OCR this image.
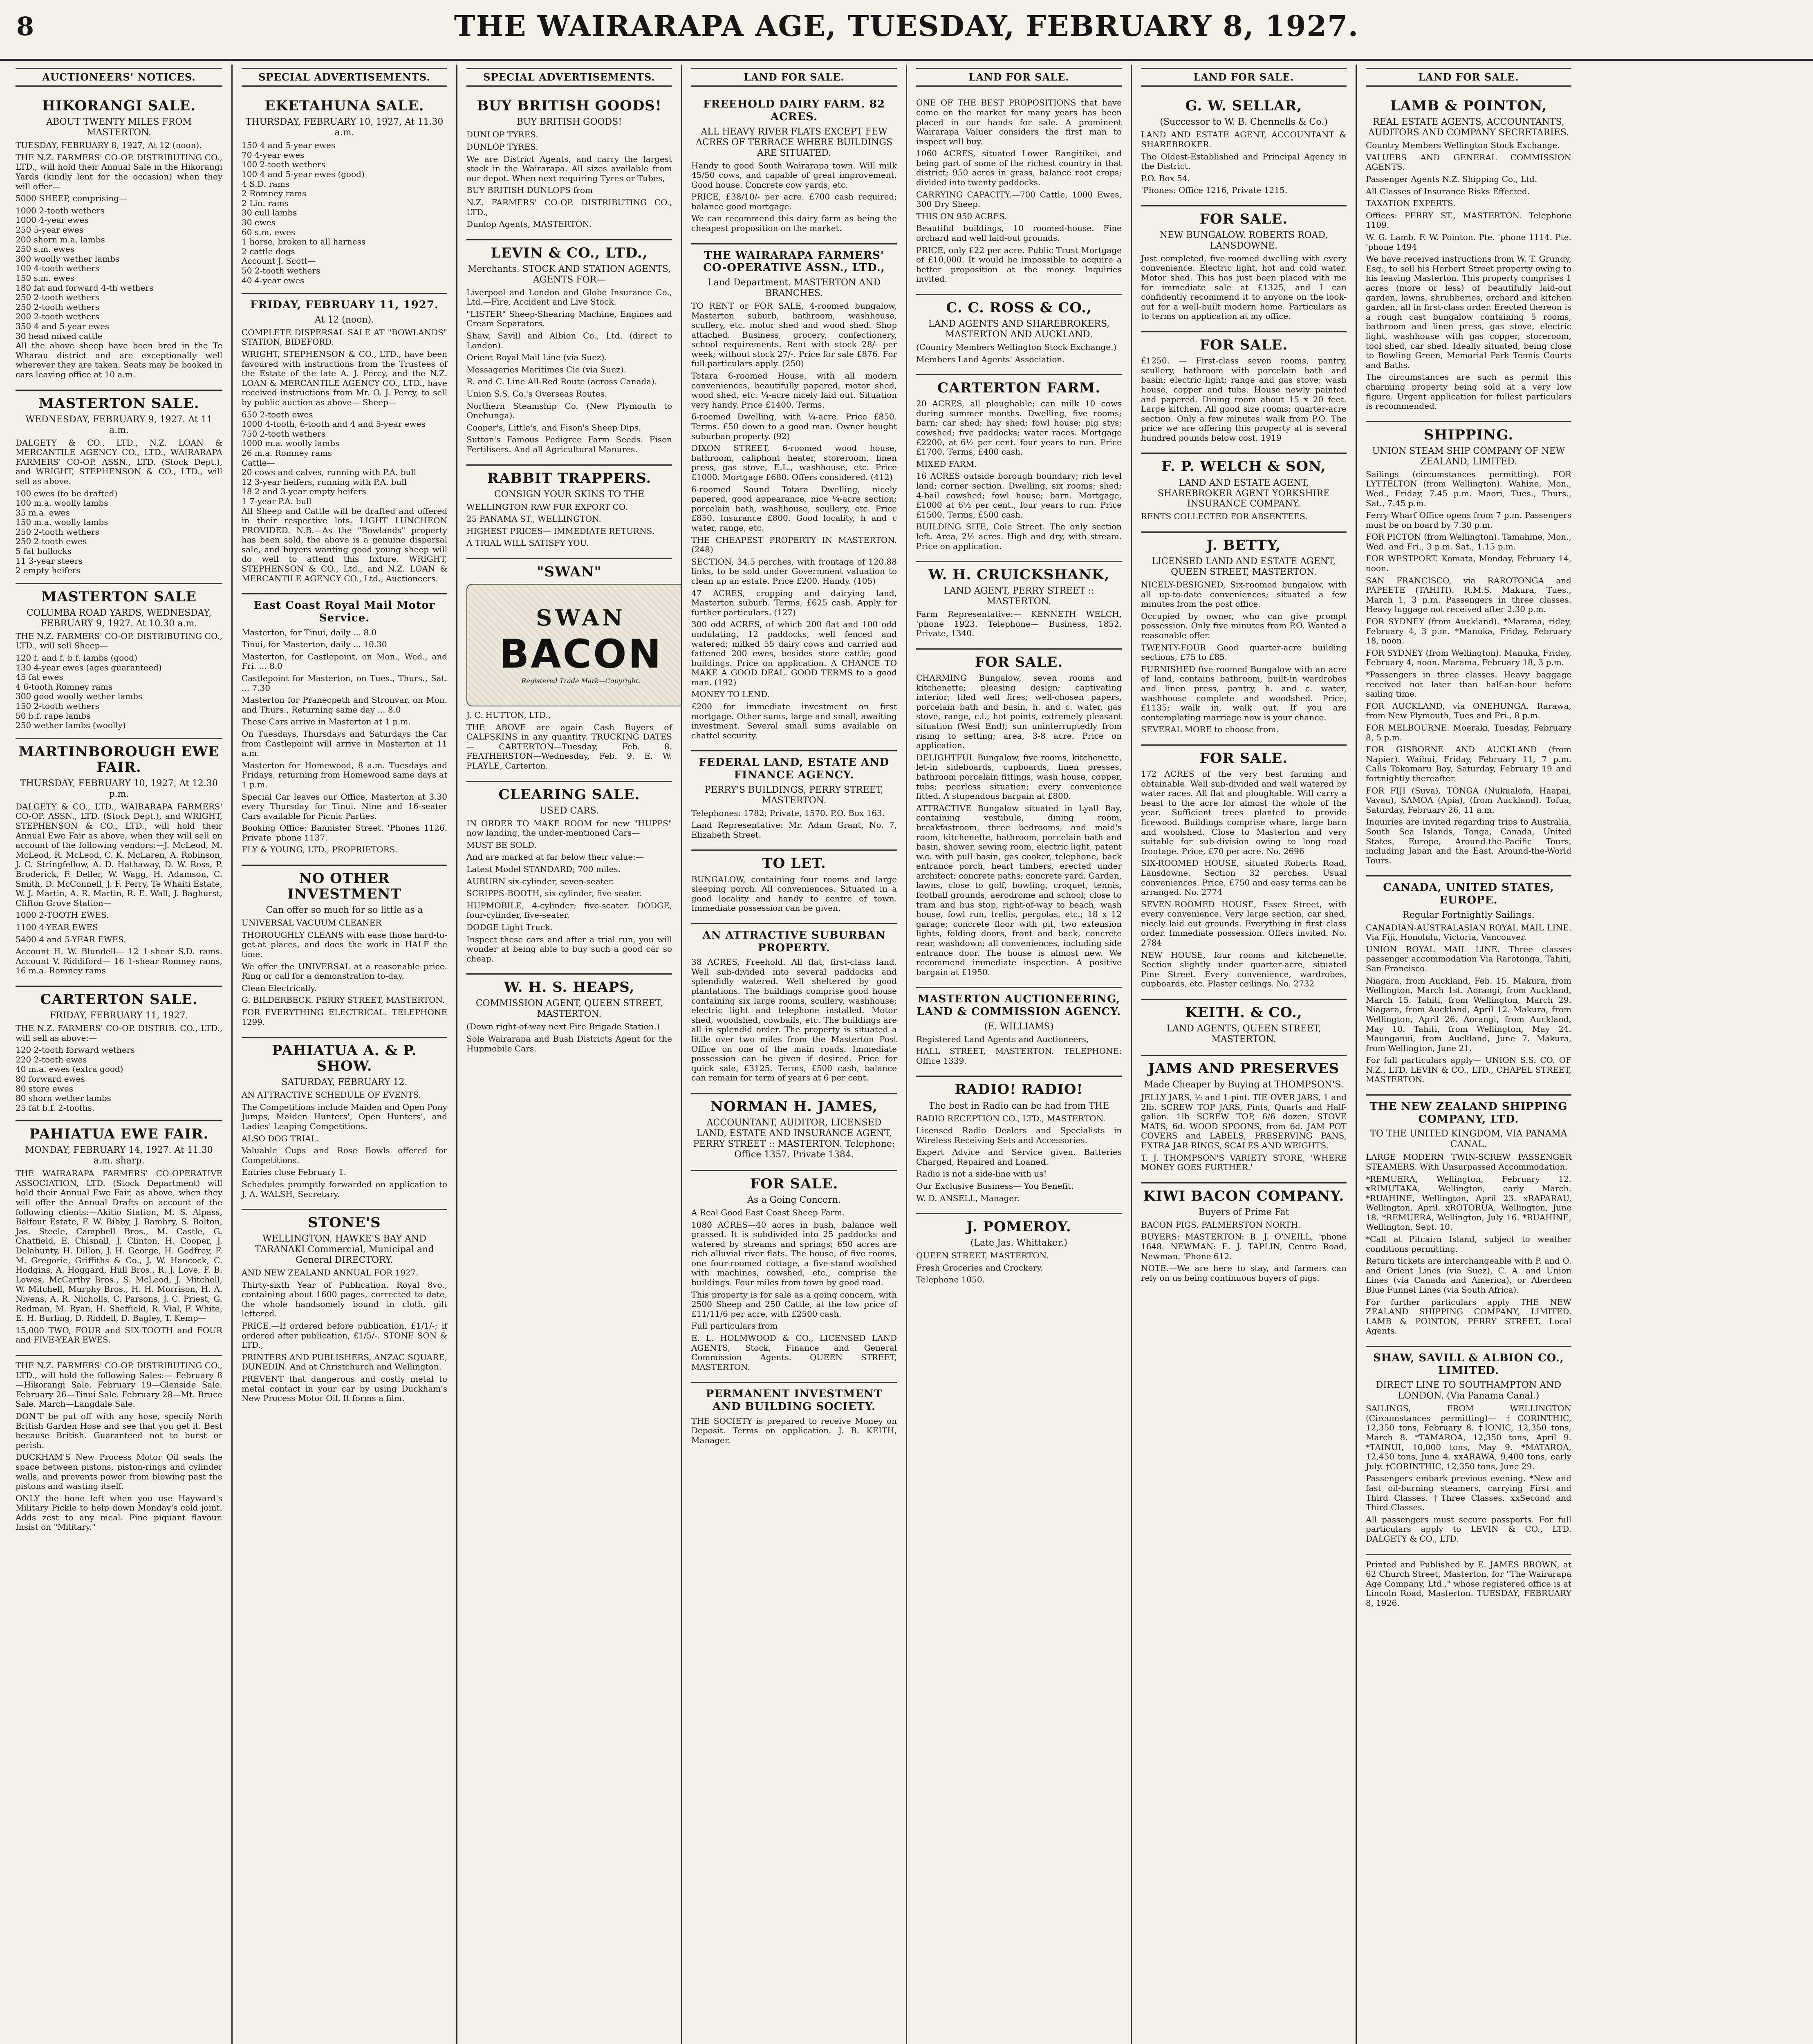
8	THE WAIRARAPA AGE, TUESDAY, FEBRUARY 8, 1927.
AUCTIONEERS' NOTICES.
HIKORANGI SALE.
ABOUT TWENTY MILES FROM MASTERTON.

TUESDAY, FEBRUARY 8, 1927, At 12 (noon).

THE N.Z. FARMERS' CO-OP. DISTRIBUTING CO., LTD., will hold their Annual Sale in the Hikorangi Yards (kindly lent for the occasion) when they will offer—

5000 SHEEP, comprising—

1000 2-tooth wethers
1000 4-year ewes
250 5-year ewes
200 shorn m.a. lambs
250 s.m. ewes
300 woolly wether lambs
100 4-tooth wethers
150 s.m. ewes
180 fat and forward 4-th wethers
250 2-tooth wethers
250 2-tooth wethers
200 2-tooth wethers
350 4 and 5-year ewes
30 head mixed cattle

All the above sheep have been bred in the Te Wharau district and are exceptionally well wherever they are taken. Seats may be booked in cars leaving office at 10 a.m.

MASTERTON SALE.
WEDNESDAY, FEBRUARY 9, 1927. At 11 a.m.

DALGETY & CO., LTD., N.Z. LOAN & MERCANTILE AGENCY CO., LTD., WAIRARAPA FARMERS' CO-OP. ASSN., LTD. (Stock Dept.), and WRIGHT, STEPHENSON & CO., LTD., will sell as above.

100 ewes (to be drafted)
100 m.a. woolly lambs
35 m.a. ewes
150 m.a. woolly lambs
250 2-tooth wethers
250 2-tooth ewes
5 fat bullocks
11 3-year steers
2 empty heifers
MASTERTON SALE
COLUMBA ROAD YARDS, WEDNESDAY, FEBRUARY 9, 1927. At 10.30 a.m.

THE N.Z. FARMERS' CO-OP. DISTRIBUTING CO., LTD., will sell Sheep—

120 f. and f. b.f. lambs (good)
130 4-year ewes (ages guaranteed)
45 fat ewes
4 6-tooth Romney rams
300 good woolly wether lambs
150 2-tooth wethers
50 b.f. rape lambs
250 wether lambs (woolly)
MARTINBOROUGH EWE FAIR.
THURSDAY, FEBRUARY 10, 1927, At 12.30 p.m.

DALGETY & CO., LTD., WAIRARAPA FARMERS' CO-OP. ASSN., LTD. (Stock Dept.), and WRIGHT, STEPHENSON & CO., LTD., will hold their Annual Ewe Fair as above, when they will sell on account of the following vendors:—J. McLeod, M. McLeod, R. McLeod, C. K. McLaren, A. Robinson, J. C. Stringfellow, A. D. Hathaway, D. W. Ross, P. Broderick, F. Deller, W. Wagg, H. Adamson, C. Smith, D. McConnell, J. F. Perry, Te Whaiti Estate, W. J. Martin, A. R. Martin, R. E. Wall, J. Baghurst, Clifton Grove Station—

1000 2-TOOTH EWES.

1100 4-YEAR EWES

5400 4 and 5-YEAR EWES.

Account H. W. Blundell— 12 1-shear S.D. rams. Account V. Riddiford— 16 1-shear Romney rams, 16 m.a. Romney rams

CARTERTON SALE.
FRIDAY, FEBRUARY 11, 1927.

THE N.Z. FARMERS' CO-OP. DISTRIB. CO., LTD., will sell as above:—

120 2-tooth forward wethers
220 2-tooth ewes
40 m.a. ewes (extra good)
80 forward ewes
80 store ewes
80 shorn wether lambs
25 fat b.f. 2-tooths.
PAHIATUA EWE FAIR.
MONDAY, FEBRUARY 14, 1927. At 11.30 a.m. sharp.

THE WAIRARAPA FARMERS' CO-OPERATIVE ASSOCIATION, LTD. (Stock Department) will hold their Annual Ewe Fair, as above, when they will offer the Annual Drafts on account of the following clients:—Akitio Station, M. S. Alpass, Balfour Estate, F. W. Bibby, J. Bambry, S. Bolton, Jas. Steele, Campbell Bros., M. Castle, G. Chatfield, E. Chisnall, J. Clinton, H. Cooper, J. Delahunty, H. Dillon, J. H. George, H. Godfrey, F. M. Gregorie, Griffiths & Co., J. W. Hancock, C. Hodgins, A. Hoggard, Hull Bros., R. J. Love, F. B. Lowes, McCarthy Bros., S. McLeod, J. Mitchell, W. Mitchell, Murphy Bros., H. H. Morrison, H. A. Nivens, A. R. Nicholls, C. Parsons, J. C. Priest, G. Redman, M. Ryan, H. Sheffield, R. Vial, F. White, E. H. Burling, D. Riddell, D. Bagley, T. Kemp—

15,000 TWO, FOUR and SIX-TOOTH and FOUR and FIVE-YEAR EWES.

THE N.Z. FARMERS' CO-OP. DISTRIBUTING CO., LTD., will hold the following Sales:— February 8—Hikorangi Sale. February 19—Glenside Sale. February 26—Tinui Sale. February 28—Mt. Bruce Sale. March—Langdale Sale.

DON'T be put off with any hose, specify North British Garden Hose and see that you get it. Best because British. Guaranteed not to burst or perish.

DUCKHAM'S New Process Motor Oil seals the space between pistons, piston-rings and cylinder walls, and prevents power from blowing past the pistons and wasting itself.

ONLY the bone left when you use Hayward's Military Pickle to help down Monday's cold joint. Adds zest to any meal. Fine piquant flavour. Insist on "Military."

SPECIAL ADVERTISEMENTS.
EKETAHUNA SALE.
THURSDAY, FEBRUARY 10, 1927, At 11.30 a.m.
150 4 and 5-year ewes
70 4-year ewes
100 2-tooth wethers
100 4 and 5-year ewes (good)
4 S.D. rams
2 Romney rams
2 Lin. rams
30 cull lambs
30 ewes
60 s.m. ewes
1 horse, broken to all harness
2 cattle dogs
Account J. Scott—
50 2-tooth wethers
40 4-year ewes
FRIDAY, FEBRUARY 11, 1927.
At 12 (noon).

COMPLETE DISPERSAL SALE AT "BOWLANDS" STATION, BIDEFORD.

WRIGHT, STEPHENSON & CO., LTD., have been favoured with instructions from the Trustees of the Estate of the late A. J. Percy, and the N.Z. LOAN & MERCANTILE AGENCY CO., LTD., have received instructions from Mr. O. J. Percy, to sell by public auction as above— Sheep—

650 2-tooth ewes
1000 4-tooth, 6-tooth and 4 and 5-year ewes
750 2-tooth wethers
1000 m.a. woolly lambs
26 m.a. Romney rams
Cattle—
20 cows and calves, running with P.A. bull
12 3-year heifers, running with P.A. bull
18 2 and 3-year empty heifers
1 7-year P.A. bull

All Sheep and Cattle will be drafted and offered in their respective lots. LIGHT LUNCHEON PROVIDED. N.B.—As the "Bowlands" property has been sold, the above is a genuine dispersal sale, and buyers wanting good young sheep will do well to attend this fixture. WRIGHT, STEPHENSON & CO., Ltd., and N.Z. LOAN & MERCANTILE AGENCY CO., Ltd., Auctioneers.

East Coast Royal Mail Motor Service.

Masterton, for Tinui, daily ... 8.0

Tinui, for Masterton, daily ... 10.30

Masterton, for Castlepoint, on Mon., Wed., and Fri. ... 8.0

Castlepoint for Masterton, on Tues., Thurs., Sat. ... 7.30

Masterton for Pranecpeth and Stronvar, on Mon. and Thurs., Returning same day ... 8.0

These Cars arrive in Masterton at 1 p.m.

On Tuesdays, Thursdays and Saturdays the Car from Castlepoint will arrive in Masterton at 11 a.m.

Masterton for Homewood, 8 a.m. Tuesdays and Fridays, returning from Homewood same days at 1 p.m.

Special Car leaves our Office, Masterton at 3.30 every Thursday for Tinui. Nine and 16-seater Cars available for Picnic Parties.

Booking Office: Bannister Street. 'Phones 1126. Private 'phone 1137.

FLY & YOUNG, LTD., PROPRIETORS.

NO OTHER INVESTMENT
Can offer so much for so little as a

UNIVERSAL VACUUM CLEANER

THOROUGHLY CLEANS with ease those hard-to-get-at places, and does the work in HALF the time.

We offer the UNIVERSAL at a reasonable price. Ring or call for a demonstration to-day.

Clean Electrically.

G. BILDERBECK. PERRY STREET, MASTERTON.

FOR EVERYTHING ELECTRICAL. TELEPHONE 1299.

PAHIATUA A. & P. SHOW.
SATURDAY, FEBRUARY 12.

AN ATTRACTIVE SCHEDULE OF EVENTS.

The Competitions include Maiden and Open Pony Jumps, Maiden Hunters', Open Hunters', and Ladies' Leaping Competitions.

ALSO DOG TRIAL.

Valuable Cups and Rose Bowls offered for Competitions.

Entries close February 1.

Schedules promptly forwarded on application to J. A. WALSH, Secretary.

STONE'S
WELLINGTON, HAWKE'S BAY AND TARANAKI Commercial, Municipal and General DIRECTORY.

AND NEW ZEALAND ANNUAL FOR 1927.

Thirty-sixth Year of Publication. Royal 8vo., containing about 1600 pages, corrected to date, the whole handsomely bound in cloth, gilt lettered.

PRICE.—If ordered before publication, £1/1/-; if ordered after publication, £1/5/-. STONE SON & LTD.,

PRINTERS AND PUBLISHERS, ANZAC SQUARE, DUNEDIN. And at Christchurch and Wellington.

PREVENT that dangerous and costly metal to metal contact in your car by using Duckham's New Process Motor Oil. It forms a film.

SPECIAL ADVERTISEMENTS.
BUY BRITISH GOODS!
BUY BRITISH GOODS!

DUNLOP TYRES.

DUNLOP TYRES.

We are District Agents, and carry the largest stock in the Wairarapa. All sizes available from our depot. When next requiring Tyres or Tubes,

BUY BRITISH DUNLOPS from

N.Z. FARMERS' CO-OP. DISTRIBUTING CO., LTD.,

Dunlop Agents, MASTERTON.

LEVIN & CO., LTD.,
Merchants. STOCK AND STATION AGENTS, AGENTS FOR—

Liverpool and London and Globe Insurance Co., Ltd.—Fire, Accident and Live Stock.

"LISTER" Sheep-Shearing Machine, Engines and Cream Separators.

Shaw, Savill and Albion Co., Ltd. (direct to London).

Orient Royal Mail Line (via Suez).

Messageries Maritimes Cie (via Suez).

R. and C. Line All-Red Route (across Canada).

Union S.S. Co.'s Overseas Routes.

Northern Steamship Co. (New Plymouth to Onehunga).

Cooper's, Little's, and Fison's Sheep Dips.

Sutton's Famous Pedigree Farm Seeds. Fison Fertilisers. And all Agricultural Manures.

RABBIT TRAPPERS.
CONSIGN YOUR SKINS TO THE

WELLINGTON RAW FUR EXPORT CO.

25 PANAMA ST., WELLINGTON.

HIGHEST PRICES— IMMEDIATE RETURNS.

A TRIAL WILL SATISFY YOU.

"SWAN"
SWAN
BACON
Registered Trade Mark—Copyright.

J. C. HUTTON, LTD.,

THE ABOVE are again Cash Buyers of CALFSKINS in any quantity. TRUCKING DATES— CARTERTON—Tuesday, Feb. 8. FEATHERSTON—Wednesday, Feb. 9. E. W. PLAYLE, Carterton.

CLEARING SALE.
USED CARS.

IN ORDER TO MAKE ROOM for new "HUPPS" now landing, the under-mentioned Cars—

MUST BE SOLD.

And are marked at far below their value:—

Latest Model STANDARD; 700 miles.

AUBURN six-cylinder, seven-seater.

SCRIPPS-BOOTH, six-cylinder, five-seater.

HUPMOBILE, 4-cylinder; five-seater. DODGE, four-cylinder, five-seater.

DODGE Light Truck.

Inspect these cars and after a trial run, you will wonder at being able to buy such a good car so cheap.

W. H. S. HEAPS,
COMMISSION AGENT, QUEEN STREET, MASTERTON.

(Down right-of-way next Fire Brigade Station.)

Sole Wairarapa and Bush Districts Agent for the Hupmobile Cars.

LAND FOR SALE.
FREEHOLD DAIRY FARM. 82 ACRES.
ALL HEAVY RIVER FLATS EXCEPT FEW ACRES OF TERRACE WHERE BUILDINGS ARE SITUATED.

Handy to good South Wairarapa town. Will milk 45/50 cows, and capable of great improvement. Good house. Concrete cow yards, etc.

PRICE, £38/10/- per acre. £700 cash required; balance good mortgage.

We can recommend this dairy farm as being the cheapest proposition on the market.

THE WAIRARAPA FARMERS' CO-OPERATIVE ASSN., LTD.,
Land Department. MASTERTON AND BRANCHES.

TO RENT or FOR SALE, 4-roomed bungalow, Masterton suburb, bathroom, washhouse, scullery, etc. motor shed and wood shed. Shop attached. Business, grocery, confectionery, school requirements. Rent with stock 28/- per week; without stock 27/-. Price for sale £876. For full particulars apply. (250)

Totara 6-roomed House, with all modern conveniences, beautifully papered, motor shed, wood shed, etc. ¼-acre nicely laid out. Situation very handy. Price £1400. Terms.

6-roomed Dwelling, with ¼-acre. Price £850. Terms. £50 down to a good man. Owner bought suburban property. (92)

DIXON STREET, 6-roomed wood house, bathroom, caliphont heater, storeroom, linen press, gas stove, E.L., washhouse, etc. Price £1000. Mortgage £680. Offers considered. (412)

6-roomed Sound Totara Dwelling, nicely papered, good appearance, nice ¼-acre section; porcelain bath, washhouse, scullery, etc. Price £850. Insurance £800. Good locality, h and c water, range, etc.

THE CHEAPEST PROPERTY IN MASTERTON. (248)

SECTION, 34.5 perches, with frontage of 120.88 links, to be sold under Government valuation to clean up an estate. Price £200. Handy. (105)

47 ACRES, cropping and dairying land, Masterton suburb. Terms, £625 cash. Apply for further particulars. (127)

300 odd ACRES, of which 200 flat and 100 odd undulating, 12 paddocks, well fenced and watered; milked 55 dairy cows and carried and fattened 200 ewes, besides store cattle; good buildings. Price on application. A CHANCE TO MAKE A GOOD DEAL. GOOD TERMS to a good man. (192)

MONEY TO LEND.

£200 for immediate investment on first mortgage. Other sums, large and small, awaiting investment. Several small sums available on chattel security.

FEDERAL LAND, ESTATE AND FINANCE AGENCY.
PERRY'S BUILDINGS, PERRY STREET, MASTERTON.

Telephones: 1782; Private, 1570. P.O. Box 163.

Land Representative: Mr. Adam Grant, No. 7, Elizabeth Street.

TO LET.

BUNGALOW, containing four rooms and large sleeping porch. All conveniences. Situated in a good locality and handy to centre of town. Immediate possession can be given.

AN ATTRACTIVE SUBURBAN PROPERTY.

38 ACRES, Freehold. All flat, first-class land. Well sub-divided into several paddocks and splendidly watered. Well sheltered by good plantations. The buildings comprise good house containing six large rooms, scullery, washhouse; electric light and telephone installed. Motor shed, woodshed, cowbails, etc. The buildings are all in splendid order. The property is situated a little over two miles from the Masterton Post Office on one of the main roads. Immediate possession can be given if desired. Price for quick sale, £3125. Terms, £500 cash, balance can remain for term of years at 6 per cent.

NORMAN H. JAMES,
ACCOUNTANT, AUDITOR, LICENSED LAND, ESTATE AND INSURANCE AGENT, PERRY STREET :: MASTERTON. Telephone: Office 1357. Private 1384.
FOR SALE.
As a Going Concern.

A Real Good East Coast Sheep Farm.

1080 ACRES—40 acres in bush, balance well grassed. It is subdivided into 25 paddocks and watered by streams and springs; 650 acres are rich alluvial river flats. The house, of five rooms, one four-roomed cottage, a five-stand woolshed with machines, cowshed, etc., comprise the buildings. Four miles from town by good road.

This property is for sale as a going concern, with 2500 Sheep and 250 Cattle, at the low price of £11/11/6 per acre, with £2500 cash.

Full particulars from

E. L. HOLMWOOD & CO., LICENSED LAND AGENTS, Stock, Finance and General Commission Agents. QUEEN STREET, MASTERTON.

PERMANENT INVESTMENT AND BUILDING SOCIETY.

THE SOCIETY is prepared to receive Money on Deposit. Terms on application. J. B. KEITH, Manager.

LAND FOR SALE.

ONE OF THE BEST PROPOSITIONS that have come on the market for many years has been placed in our hands for sale. A prominent Wairarapa Valuer considers the first man to inspect will buy.

1060 ACRES, situated Lower Rangitikei, and being part of some of the richest country in that district; 950 acres in grass, balance root crops; divided into twenty paddocks.

CARRYING CAPACITY.—700 Cattle, 1000 Ewes, 300 Dry Sheep.

THIS ON 950 ACRES.

Beautiful buildings, 10 roomed-house. Fine orchard and well laid-out grounds.

PRICE, only £22 per acre. Public Trust Mortgage of £10,000. It would be impossible to acquire a better proposition at the money. Inquiries invited.

C. C. ROSS & CO.,
LAND AGENTS AND SHAREBROKERS, MASTERTON AND AUCKLAND.

(Country Members Wellington Stock Exchange.)

Members Land Agents' Association.

CARTERTON FARM.

20 ACRES, all ploughable; can milk 10 cows during summer months. Dwelling, five rooms; barn; car shed; hay shed; fowl house; pig stys; cowshed; five paddocks; water races. Mortgage £2200, at 6½ per cent. four years to run. Price £1700. Terms, £400 cash.

MIXED FARM.

16 ACRES outside borough boundary; rich level land; corner section. Dwelling, six rooms; shed; 4-bail cowshed; fowl house; barn. Mortgage, £1000 at 6½ per cent., four years to run. Price £1500. Terms, £500 cash.

BUILDING SITE, Cole Street. The only section left. Area, 2½ acres. High and dry, with stream. Price on application.

W. H. CRUICKSHANK,
LAND AGENT, PERRY STREET :: MASTERTON.

Farm Representative:— KENNETH WELCH, 'phone 1923. Telephone— Business, 1852. Private, 1340.

FOR SALE.

CHARMING Bungalow, seven rooms and kitchenette; pleasing design; captivating interior; tiled well fires; well-chosen papers, porcelain bath and basin, h. and c. water, gas stove, range, c.l., hot points, extremely pleasant situation (West End); sun uninterruptedly from rising to setting; area, 3-8 acre. Price on application.

DELIGHTFUL Bungalow, five rooms, kitchenette, let-in sideboards, cupboards, linen presses, bathroom porcelain fittings, wash house, copper, tubs; peerless situation; every convenience fitted. A stupendous bargain at £800.

ATTRACTIVE Bungalow situated in Lyall Bay, containing vestibule, dining room, breakfastroom, three bedrooms, and maid's room, kitchenette, bathroom, porcelain bath and basin, shower, sewing room, electric light, patent w.c. with pull basin, gas cooker, telephone, back entrance porch, heart timbers, erected under architect; concrete paths; concrete yard. Garden, lawns, close to golf, bowling, croquet, tennis, football grounds, aerodrome and school; close to tram and bus stop, right-of-way to beach, wash house, fowl run, trellis, pergolas, etc.; 18 x 12 garage; concrete floor with pit, two extension lights, folding doors, front and back, concrete rear, washdown; all conveniences, including side entrance door. The house is almost new. We recommend immediate inspection. A positive bargain at £1950.

MASTERTON AUCTIONEERING, LAND & COMMISSION AGENCY.
(E. WILLIAMS)

Registered Land Agents and Auctioneers,

HALL STREET, MASTERTON. TELEPHONE: Office 1339.

RADIO! RADIO!
The best in Radio can be had from THE

RADIO RECEPTION CO., LTD., MASTERTON.

Licensed Radio Dealers and Specialists in Wireless Receiving Sets and Accessories.

Expert Advice and Service given. Batteries Charged, Repaired and Loaned.

Radio is not a side-line with us!

Our Exclusive Business— You Benefit.

W. D. ANSELL, Manager.

J. POMEROY.
(Late Jas. Whittaker.)

QUEEN STREET, MASTERTON.

Fresh Groceries and Crockery.

Telephone 1050.

LAND FOR SALE.
G. W. SELLAR,
(Successor to W. B. Chennells & Co.)

LAND AND ESTATE AGENT, ACCOUNTANT & SHAREBROKER.

The Oldest-Established and Principal Agency in the District.

P.O. Box 54.

'Phones: Office 1216, Private 1215.

FOR SALE.
NEW BUNGALOW. ROBERTS ROAD, LANSDOWNE.

Just completed, five-roomed dwelling with every convenience. Electric light, hot and cold water. Motor shed. This has just been placed with me for immediate sale at £1325, and I can confidently recommend it to anyone on the look-out for a well-built modern home. Particulars as to terms on application at my office.

FOR SALE.

£1250. — First-class seven rooms, pantry, scullery, bathroom with porcelain bath and basin; electric light; range and gas stove; wash house, copper and tubs. House newly painted and papered. Dining room about 15 x 20 feet. Large kitchen. All good size rooms; quarter-acre section. Only a few minutes' walk from P.O. The price we are offering this property at is several hundred pounds below cost. 1919

F. P. WELCH & SON,
LAND AND ESTATE AGENT, SHAREBROKER AGENT YORKSHIRE INSURANCE COMPANY.

RENTS COLLECTED FOR ABSENTEES.

J. BETTY,
LICENSED LAND AND ESTATE AGENT, QUEEN STREET, MASTERTON.

NICELY-DESIGNED, Six-roomed bungalow, with all up-to-date conveniences; situated a few minutes from the post office.

Occupied by owner, who can give prompt possession. Only five minutes from P.O. Wanted a reasonable offer.

TWENTY-FOUR Good quarter-acre building sections, £75 to £85.

FURNISHED five-roomed Bungalow with an acre of land, contains bathroom, built-in wardrobes and linen press, pantry, h. and c. water, washhouse complete and woodshed. Price, £1135; walk in, walk out. If you are contemplating marriage now is your chance.

SEVERAL MORE to choose from.

FOR SALE.

172 ACRES of the very best farming and obtainable. Well sub-divided and well watered by water races. All flat and ploughable. Will carry a beast to the acre for almost the whole of the year. Sufficient trees planted to provide firewood. Buildings comprise whare, large barn and woolshed. Close to Masterton and very suitable for sub-division owing to long road frontage. Price, £70 per acre. No. 2696

SIX-ROOMED HOUSE, situated Roberts Road, Lansdowne. Section 32 perches. Usual conveniences. Price, £750 and easy terms can be arranged. No. 2774

SEVEN-ROOMED HOUSE, Essex Street, with every convenience. Very large section, car shed, nicely laid out grounds. Everything in first class order. Immediate possession. Offers invited. No. 2784

NEW HOUSE, four rooms and kitchenette. Section slightly under quarter-acre, situated Pine Street. Every convenience, wardrobes, cupboards, etc. Plaster ceilings. No. 2732

KEITH. & CO.,
LAND AGENTS, QUEEN STREET, MASTERTON.
JAMS AND PRESERVES
Made Cheaper by Buying at THOMPSON'S.

JELLY JARS, ½ and 1-pint. TIE-OVER JARS, 1 and 2lb. SCREW TOP JARS, Pints, Quarts and Half-gallon. 1lb SCREW TOP, 6/6 dozen. STOVE MATS, 6d. WOOD SPOONS, from 6d. JAM POT COVERS and LABELS, PRESERVING PANS, EXTRA JAR RINGS, SCALES AND WEIGHTS.

T. J. THOMPSON'S VARIETY STORE, 'WHERE MONEY GOES FURTHER.'

KIWI BACON COMPANY.
Buyers of Prime Fat

BACON PIGS. PALMERSTON NORTH.

BUYERS: MASTERTON: B. J. O'NEILL, 'phone 1648. NEWMAN: E. J. TAPLIN, Centre Road, Newman. 'Phone 612.

NOTE.—We are here to stay, and farmers can rely on us being continuous buyers of pigs.

LAND FOR SALE.
LAMB & POINTON,
REAL ESTATE AGENTS, ACCOUNTANTS, AUDITORS AND COMPANY SECRETARIES.

Country Members Wellington Stock Exchange.

VALUERS AND GENERAL COMMISSION AGENTS.

Passenger Agents N.Z. Shipping Co., Ltd.

All Classes of Insurance Risks Effected.

TAXATION EXPERTS.

Offices: PERRY ST., MASTERTON. Telephone 1109.

W. G. Lamb. F. W. Pointon. Pte. 'phone 1114. Pte. 'phone 1494

We have received instructions from W. T. Grundy, Esq., to sell his Herbert Street property owing to his leaving Masterton. This property comprises 1 acres (more or less) of beautifully laid-out garden, lawns, shrubberies, orchard and kitchen garden, all in first-class order. Erected thereon is a rough cast bungalow containing 5 rooms, bathroom and linen press, gas stove, electric light, washhouse with gas copper, storeroom, tool shed, car shed. Ideally situated, being close to Bowling Green, Memorial Park Tennis Courts and Baths.

The circumstances are such as permit this charming property being sold at a very low figure. Urgent application for fullest particulars is recommended.

SHIPPING.
UNION STEAM SHIP COMPANY OF NEW ZEALAND, LIMITED.

Sailings (circumstances permitting). FOR LYTTELTON (from Wellington). Wahine, Mon., Wed., Friday, 7.45 p.m. Maori, Tues., Thurs., Sat., 7.45 p.m.

Ferry Wharf Office opens from 7 p.m. Passengers must be on board by 7.30 p.m.

FOR PICTON (from Wellington). Tamahine, Mon., Wed. and Fri., 3 p.m. Sat., 1.15 p.m.

FOR WESTPORT. Komata, Monday, February 14, noon.

SAN FRANCISCO, via RAROTONGA and PAPEETE (TAHITI). R.M.S. Makura, Tues., March 1, 3 p.m. Passengers in three classes. Heavy luggage not received after 2.30 p.m.

FOR SYDNEY (from Auckland). *Marama, riday, February 4, 3 p.m. *Manuka, Friday, February 18, noon.

FOR SYDNEY (from Wellington). Manuka, Friday, February 4, noon. Marama, February 18, 3 p.m.

*Passengers in three classes. Heavy baggage received not later than half-an-hour before sailing time.

FOR AUCKLAND, via ONEHUNGA. Rarawa, from New Plymouth, Tues and Fri., 8 p.m.

FOR MELBOURNE. Moeraki, Tuesday, February 8, 5 p.m.

FOR GISBORNE AND AUCKLAND (from Napier). Waihui, Friday, February 11, 7 p.m. Calls Tokomaru Bay, Saturday, February 19 and fortnightly thereafter.

FOR FIJI (Suva), TONGA (Nukualofa, Haapai, Vavau), SAMOA (Apia), (from Auckland). Tofua, Saturday, February 26, 11 a.m.

Inquiries are invited regarding trips to Australia, South Sea Islands, Tonga, Canada, United States, Europe, Around-the-Pacific Tours, including Japan and the East, Around-the-World Tours.

CANADA, UNITED STATES, EUROPE.
Regular Fortnightly Sailings.

CANADIAN-AUSTRALASIAN ROYAL MAIL LINE. Via Fiji, Honolulu, Victoria, Vancouver.

UNION ROYAL MAIL LINE. Three classes passenger accommodation Via Rarotonga, Tahiti, San Francisco.

Niagara, from Auckland, Feb. 15. Makura, from Wellington, March 1st. Aorangi, from Auckland, March 15. Tahiti, from Wellington, March 29. Niagara, from Auckland, April 12. Makura, from Wellington, April 26. Aorangi, from Auckland, May 10. Tahiti, from Wellington, May 24. Maunganui, from Auckland, June 7. Makura, from Wellington, June 21.

For full particulars apply— UNION S.S. CO. OF N.Z., LTD. LEVIN & CO., LTD., CHAPEL STREET, MASTERTON.

THE NEW ZEALAND SHIPPING COMPANY, LTD.
TO THE UNITED KINGDOM, VIA PANAMA CANAL.

LARGE MODERN TWIN-SCREW PASSENGER STEAMERS. With Unsurpassed Accommodation.

*REMUERA, Wellington, February 12. xRIMUTAKA, Wellington, early March. *RUAHINE, Wellington, April 23. xRAPARAU, Wellington, April. xROTORUA, Wellington, June 18. *REMUERA, Wellington, July 16. *RUAHINE, Wellington, Sept. 10.

*Call at Pitcairn Island, subject to weather conditions permitting.

Return tickets are interchangeable with P. and O. and Orient Lines (via Suez), C. A. and Union Lines (via Canada and America), or Aberdeen Blue Funnel Lines (via South Africa).

For further particulars apply THE NEW ZEALAND SHIPPING COMPANY, LIMITED. LAMB & POINTON, PERRY STREET. Local Agents.

SHAW, SAVILL & ALBION CO., LIMITED.
DIRECT LINE TO SOUTHAMPTON AND LONDON. (Via Panama Canal.)

SAILINGS, FROM WELLINGTON (Circumstances permitting)— †CORINTHIC, 12,350 tons, February 8. †IONIC, 12,350 tons, March 8. *TAMAROA, 12,350 tons, April 9. *TAINUI, 10,000 tons, May 9. *MATAROA, 12,450 tons, June 4. xxARAWA, 9,400 tons, early July. †CORINTHIC, 12,350 tons, June 29.

Passengers embark previous evening. *New and fast oil-burning steamers, carrying First and Third Classes. †Three Classes. xxSecond and Third Classes.

All passengers must secure passports. For full particulars apply to LEVIN & CO., LTD. DALGETY & CO., LTD.

Printed and Published by E. JAMES BROWN, at 62 Church Street, Masterton, for "The Wairarapa Age Company, Ltd.," whose registered office is at Lincoln Road, Masterton. TUESDAY, FEBRUARY 8, 1926.
